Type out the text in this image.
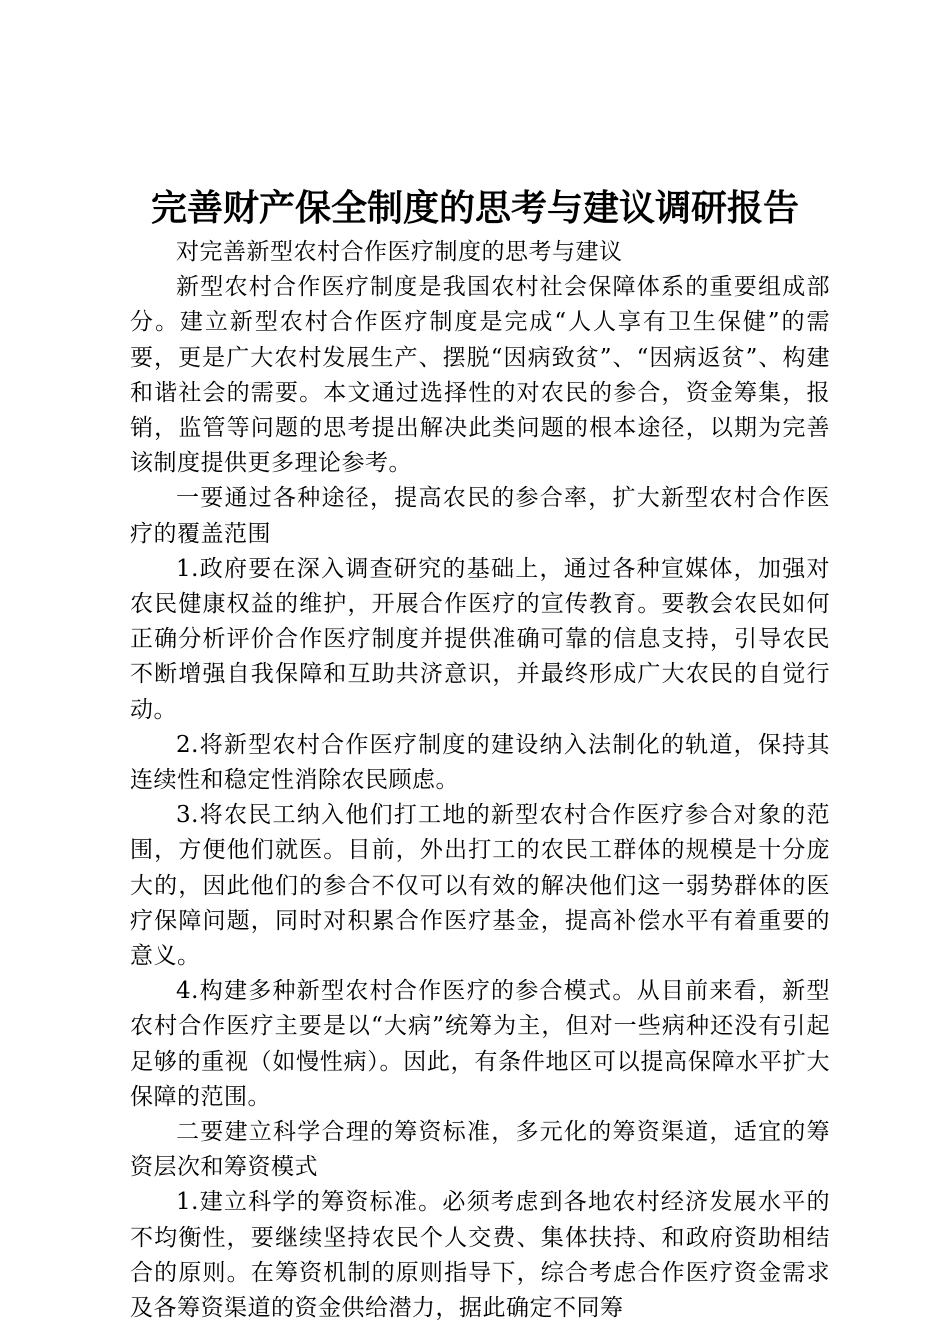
完善财产保全制度的思考与建议调研报告

对完善新型农村合作医疗制度的思考与建议

新型农村合作医疗制度是我国农村社会保障体系的重要组成部分。建立新型农村合作医疗制度是完成“人人享有卫生保健”的需要，更是广大农村发展生产、摆脱“因病致贫”、“因病返贫”、构建和谐社会的需要。本文通过选择性的对农民的参合，资金筹集，报销，监管等问题的思考提出解决此类问题的根本途径，以期为完善该制度提供更多理论参考。

一要通过各种途径，提高农民的参合率，扩大新型农村合作医疗的覆盖范围

1.政府要在深入调查研究的基础上，通过各种宣媒体，加强对农民健康权益的维护，开展合作医疗的宣传教育。要教会农民如何正确分析评价合作医疗制度并提供准确可靠的信息支持，引导农民不断增强自我保障和互助共济意识，并最终形成广大农民的自觉行动。

2.将新型农村合作医疗制度的建设纳入法制化的轨道，保持其连续性和稳定性消除农民顾虑。

3.将农民工纳入他们打工地的新型农村合作医疗参合对象的范围，方便他们就医。目前，外出打工的农民工群体的规模是十分庞大的，因此他们的参合不仅可以有效的解决他们这一弱势群体的医疗保障问题，同时对积累合作医疗基金，提高补偿水平有着重要的意义。

4.构建多种新型农村合作医疗的参合模式。从目前来看，新型农村合作医疗主要是以“大病”统筹为主，但对一些病种还没有引起足够的重视（如慢性病）。因此，有条件地区可以提高保障水平扩大保障的范围。

二要建立科学合理的筹资标准，多元化的筹资渠道，适宜的筹资层次和筹资模式

1.建立科学的筹资标准。必须考虑到各地农村经济发展水平的不均衡性，要继续坚持农民个人交费、集体扶持、和政府资助相结合的原则。在筹资机制的原则指导下，综合考虑合作医疗资金需求及各筹资渠道的资金供给潜力，据此确定不同筹
